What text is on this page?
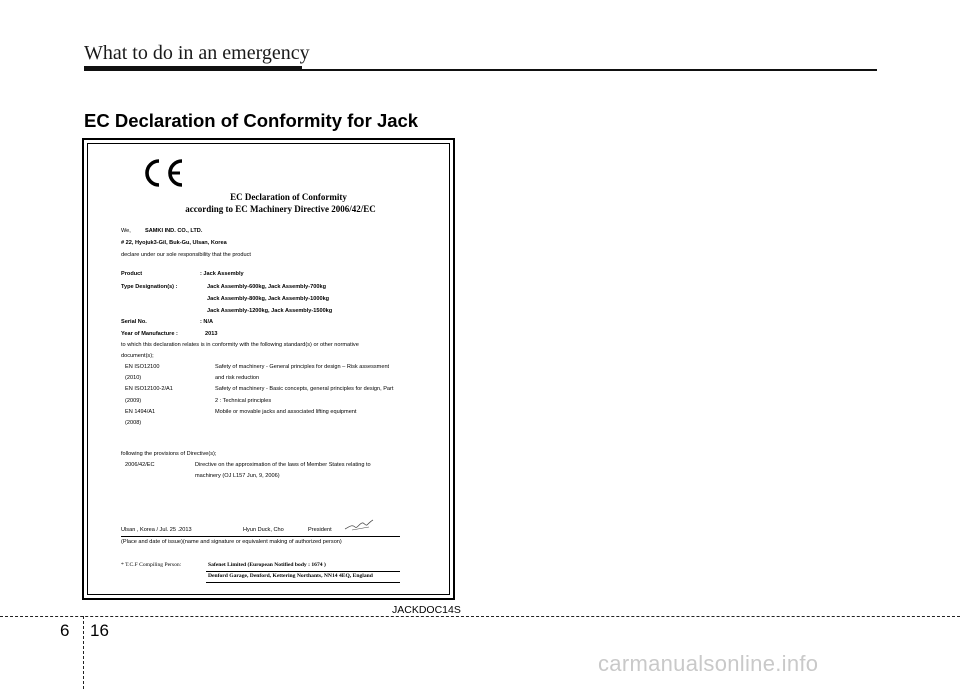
What to do in an emergency
EC Declaration of Conformity for Jack
EC Declaration of Conformity
according to EC Machinery Directive 2006/42/EC
We,	SAMKI IND. CO., LTD.
# 22, Hyojuk3-Gil, Buk-Gu, Ulsan, Korea
declare under our sole responsibility that the product
Product	: Jack Assembly
Type Designation(s) :	Jack Assembly-600kg, Jack Assembly-700kg
Jack Assembly-800kg, Jack Assembly-1000kg
Jack Assembly-1200kg, Jack Assembly-1500kg
Serial No.	: N/A
Year of Manufacture :	2013
to which this declaration relates is in conformity with the following standard(s) or other normative
document(s);
EN ISO12100	Safety of machinery - General principles for design – Risk assessment
(2010)	and risk reduction
EN ISO12100-2/A1	Safety of machinery - Basic concepts, general principles for design, Part
(2009)	2 : Technical principles
EN 1494/A1	Mobile or movable jacks and associated lifting equipment
(2008)
following the provisions of Directive(s);
2006/42/EC	Directive on the approximation of the laws of Member States relating to
machinery (OJ L157 Jun, 9, 2006)
Ulsan , Korea / Jul. 25 .2013	Hyun Duck, Cho	President
(Place and date of issue)(name and signature or equivalent making of authorized person)
* T.C.F Compiling Person:	Safenet Limited (European Notified body : 1674 )
Denford Garage, Denford, Kettering Northants, NN14 4EQ, England
JACKDOC14S
6 16
carmanualsonline.info
